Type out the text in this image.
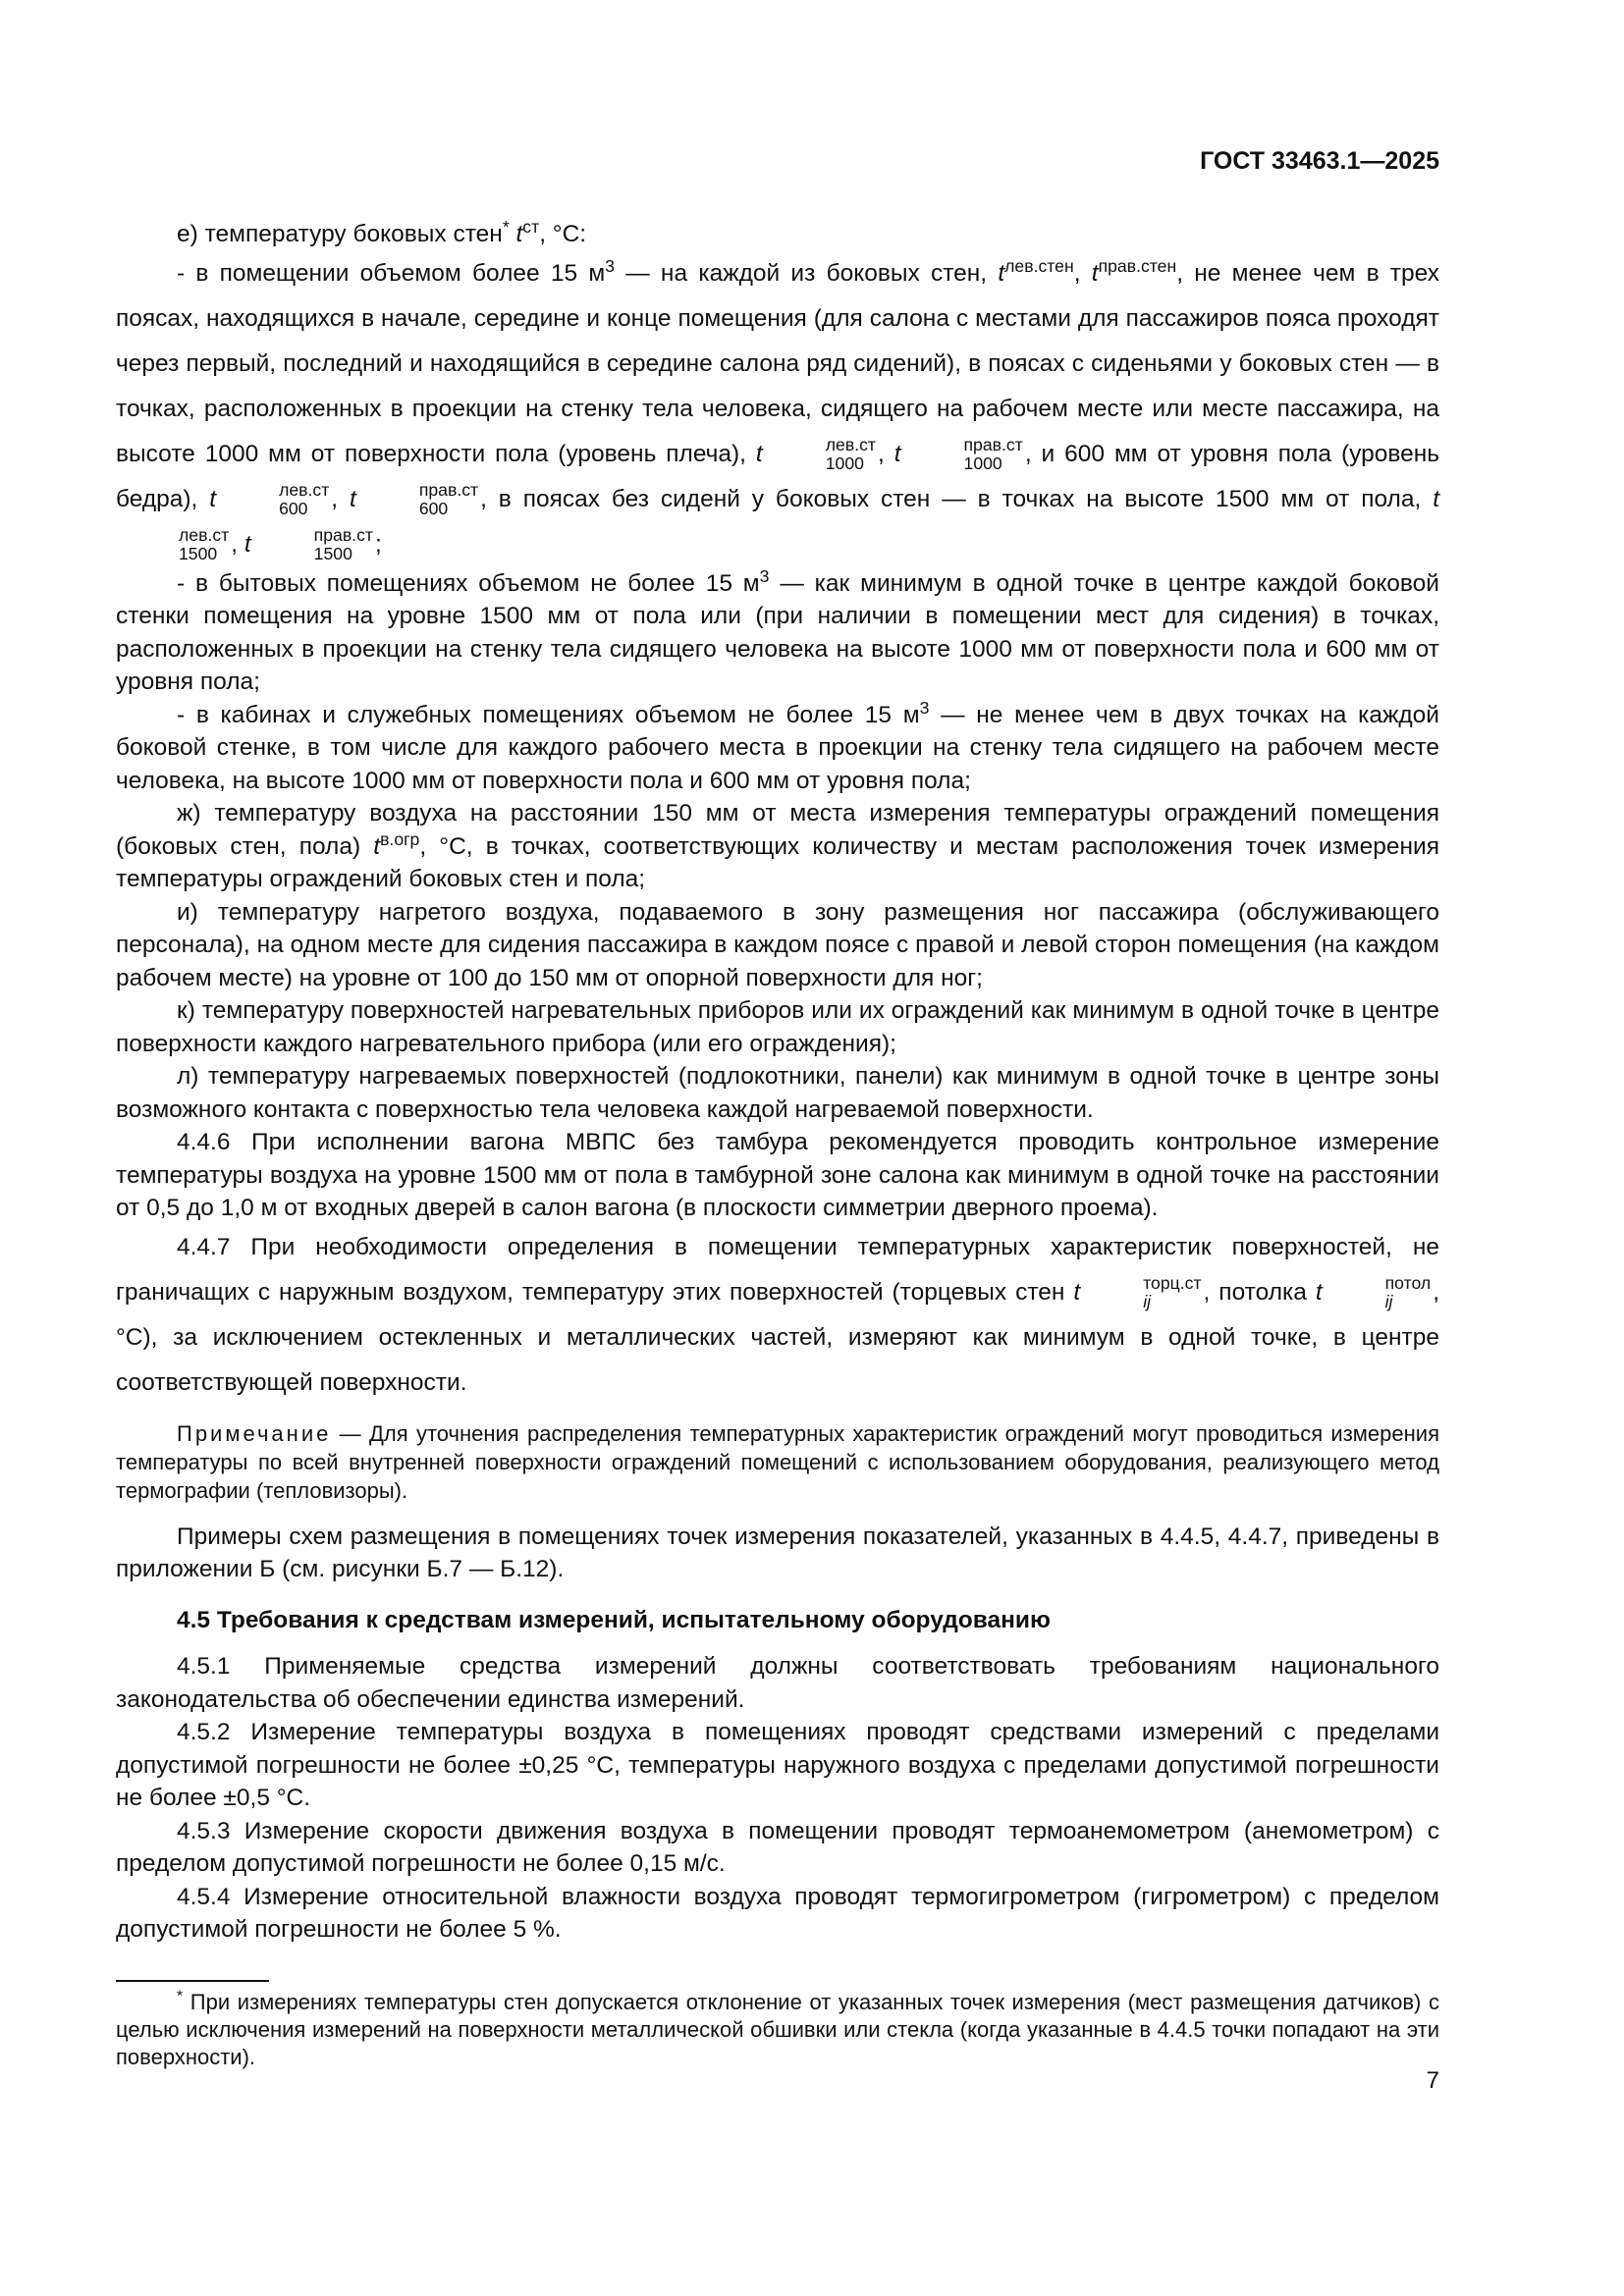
ГОСТ 33463.1—2025

е) температуру боковых стен* $t^{ст}$, °С:

- в помещении объемом более 15 $м^3$ — на каждой из боковых стен, $t^{лев.стен}$, $t^{прав.стен}$, не менее чем в трех поясах, находящихся в начале, середине и конце помещения (для салона с местами для пассажиров пояса проходят через первый, последний и находящийся в середине салона ряд сидений), в поясах с сиденьями у боковых стен — в точках, расположенных в проекции на стенку тела человека, сидящего на рабочем месте или месте пассажира, на высоте 1000 мм от поверхности пола (уровень плеча), t	лев.ст
1000 , t	прав.ст
1000 , и 600 мм от уровня пола (уровень бедра), t	лев.ст
600 , t	прав.ст
600	, в поясах без сиденй у боковых стен — в точках на высоте 1500 мм от пола, t
лев.ст
1500 , t	прав.ст
1500 ;

- в бытовых помещениях объемом не более 15 $м^3$ — как минимум в одной точке в центре каждой боковой стенки помещения на уровне 1500 мм от пола или (при наличии в помещении мест для сидения) в точках, расположенных в проекции на стенку тела сидящего человека на высоте 1000 мм от поверхности пола и 600 мм от уровня пола;

- в кабинах и служебных помещениях объемом не более 15 $м^3$ — не менее чем в двух точках на каждой боковой стенке, в том числе для каждого рабочего места в проекции на стенку тела сидящего на рабочем месте человека, на высоте 1000 мм от поверхности пола и 600 мм от уровня пола;

ж) температуру воздуха на расстоянии 150 мм от места измерения температуры ограждений помещения (боковых стен, пола) $t^{в.огр}$, °С, в точках, соответствующих количеству и местам расположения точек измерения температуры ограждений боковых стен и пола;

и) температуру нагретого воздуха, подаваемого в зону размещения ног пассажира (обслуживающего персонала), на одном месте для сидения пассажира в каждом поясе с правой и левой сторон помещения (на каждом рабочем месте) на уровне от 100 до 150 мм от опорной поверхности для ног;

к) температуру поверхностей нагревательных приборов или их ограждений как минимум в одной точке в центре поверхности каждого нагревательного прибора (или его ограждения);

л) температуру нагреваемых поверхностей (подлокотники, панели) как минимум в одной точке в центре зоны возможного контакта с поверхностью тела человека каждой нагреваемой поверхности.

4.4.6 При исполнении вагона МВПС без тамбура рекомендуется проводить контрольное измерение температуры воздуха на уровне 1500 мм от пола в тамбурной зоне салона как минимум в одной точке на расстоянии от 0,5 до 1,0 м от входных дверей в салон вагона (в плоскости симметрии дверного проема).

4.4.7 При необходимости определения в помещении температурных характеристик поверхностей, не граничащих с наружным воздухом, температуру этих поверхностей (торцевых стен t	торц.ст
ij	, потолка t	потол
ij	, °С), за исключением остекленных и металлических частей, измеряют как минимум в одной точке, в центре соответствующей поверхности.

Примечание — Для уточнения распределения температурных характеристик ограждений могут проводиться измерения температуры по всей внутренней поверхности ограждений помещений с использованием оборудования, реализующего метод термографии (тепловизоры).

Примеры схем размещения в помещениях точек измерения показателей, указанных в 4.4.5, 4.4.7, приведены в приложении Б (см. рисунки Б.7 — Б.12).

4.5 Требования к средствам измерений, испытательному оборудованию

4.5.1 Применяемые средства измерений должны соответствовать требованиям национального законодательства об обеспечении единства измерений.

4.5.2 Измерение температуры воздуха в помещениях проводят средствами измерений с пределами допустимой погрешности не более ±0,25 °С, температуры наружного воздуха с пределами допустимой погрешности не более ±0,5 °С.

4.5.3 Измерение скорости движения воздуха в помещении проводят термоанемометром (анемометром) с пределом допустимой погрешности не более 0,15 м/с.

4.5.4 Измерение относительной влажности воздуха проводят термогигрометром (гигрометром) с пределом допустимой погрешности не более 5 %.

* При измерениях температуры стен допускается отклонение от указанных точек измерения (мест размещения датчиков) с целью исключения измерений на поверхности металлической обшивки или стекла (когда указанные в 4.4.5 точки попадают на эти поверхности).
7
